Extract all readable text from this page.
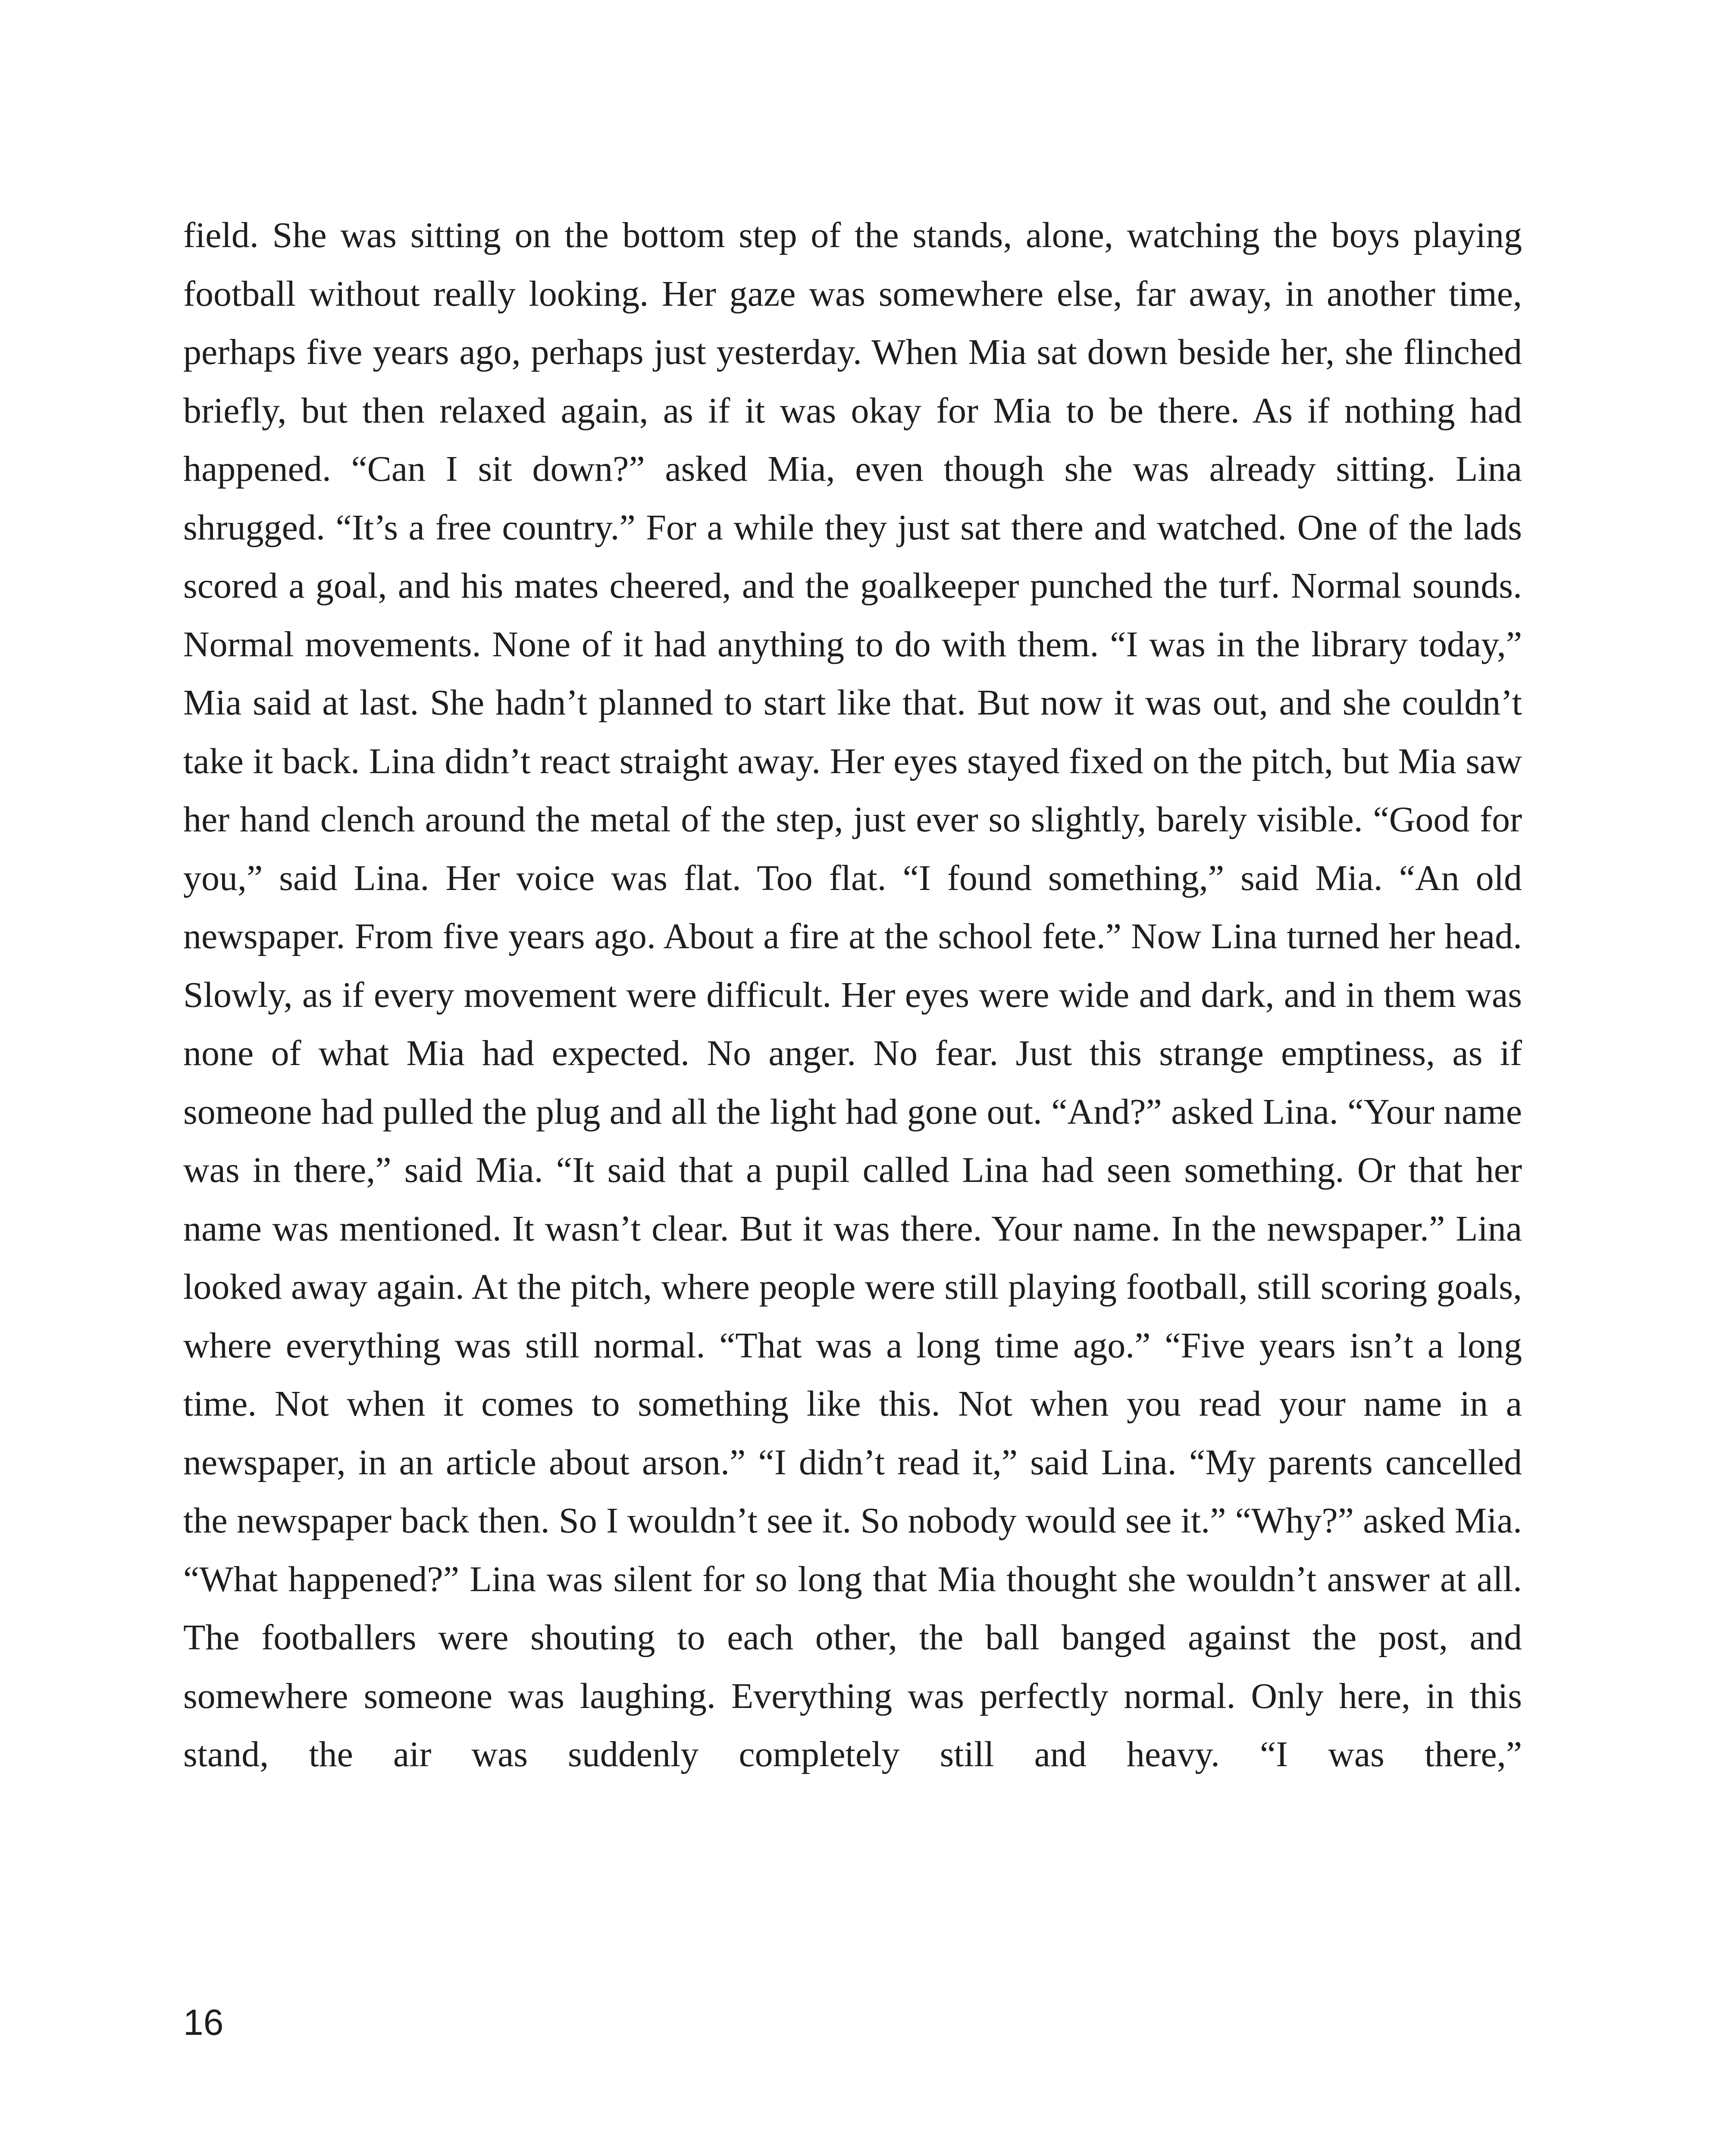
field. She was sitting on the bottom step of the stands, alone, watching the boys playing football without really looking. Her gaze was somewhere else, far away, in another time, perhaps five years ago, perhaps just yesterday. When Mia sat down beside her, she flinched briefly, but then relaxed again, as if it was okay for Mia to be there. As if nothing had happened. “Can I sit down?” asked Mia, even though she was already sitting. Lina shrugged. “It’s a free country.” For a while they just sat there and watched. One of the lads scored a goal, and his mates cheered, and the goalkeeper punched the turf. Normal sounds. Normal movements. None of it had anything to do with them. “I was in the library today,” Mia said at last. She hadn’t planned to start like that. But now it was out, and she couldn’t take it back. Lina didn’t react straight away. Her eyes stayed fixed on the pitch, but Mia saw her hand clench around the metal of the step, just ever so slightly, barely visible. “Good for you,” said Lina. Her voice was flat. Too flat. “I found something,” said Mia. “An old newspaper. From five years ago. About a fire at the school fete.” Now Lina turned her head. Slowly, as if every movement were difficult. Her eyes were wide and dark, and in them was none of what Mia had expected. No anger. No fear. Just this strange emptiness, as if someone had pulled the plug and all the light had gone out. “And?” asked Lina. “Your name was in there,” said Mia. “It said that a pupil called Lina had seen something. Or that her name was mentioned. It wasn’t clear. But it was there. Your name. In the newspaper.” Lina looked away again. At the pitch, where people were still playing football, still scoring goals, where everything was still normal. “That was a long time ago.” “Five years isn’t a long time. Not when it comes to something like this. Not when you read your name in a newspaper, in an article about arson.” “I didn’t read it,” said Lina. “My parents cancelled the newspaper back then. So I wouldn’t see it. So nobody would see it.” “Why?” asked Mia. “What happened?” Lina was silent for so long that Mia thought she wouldn’t answer at all. The footballers were shouting to each other, the ball banged against the post, and somewhere someone was laughing. Everything was perfectly normal. Only here, in this stand, the air was suddenly completely still and heavy. “I was there,”

16
